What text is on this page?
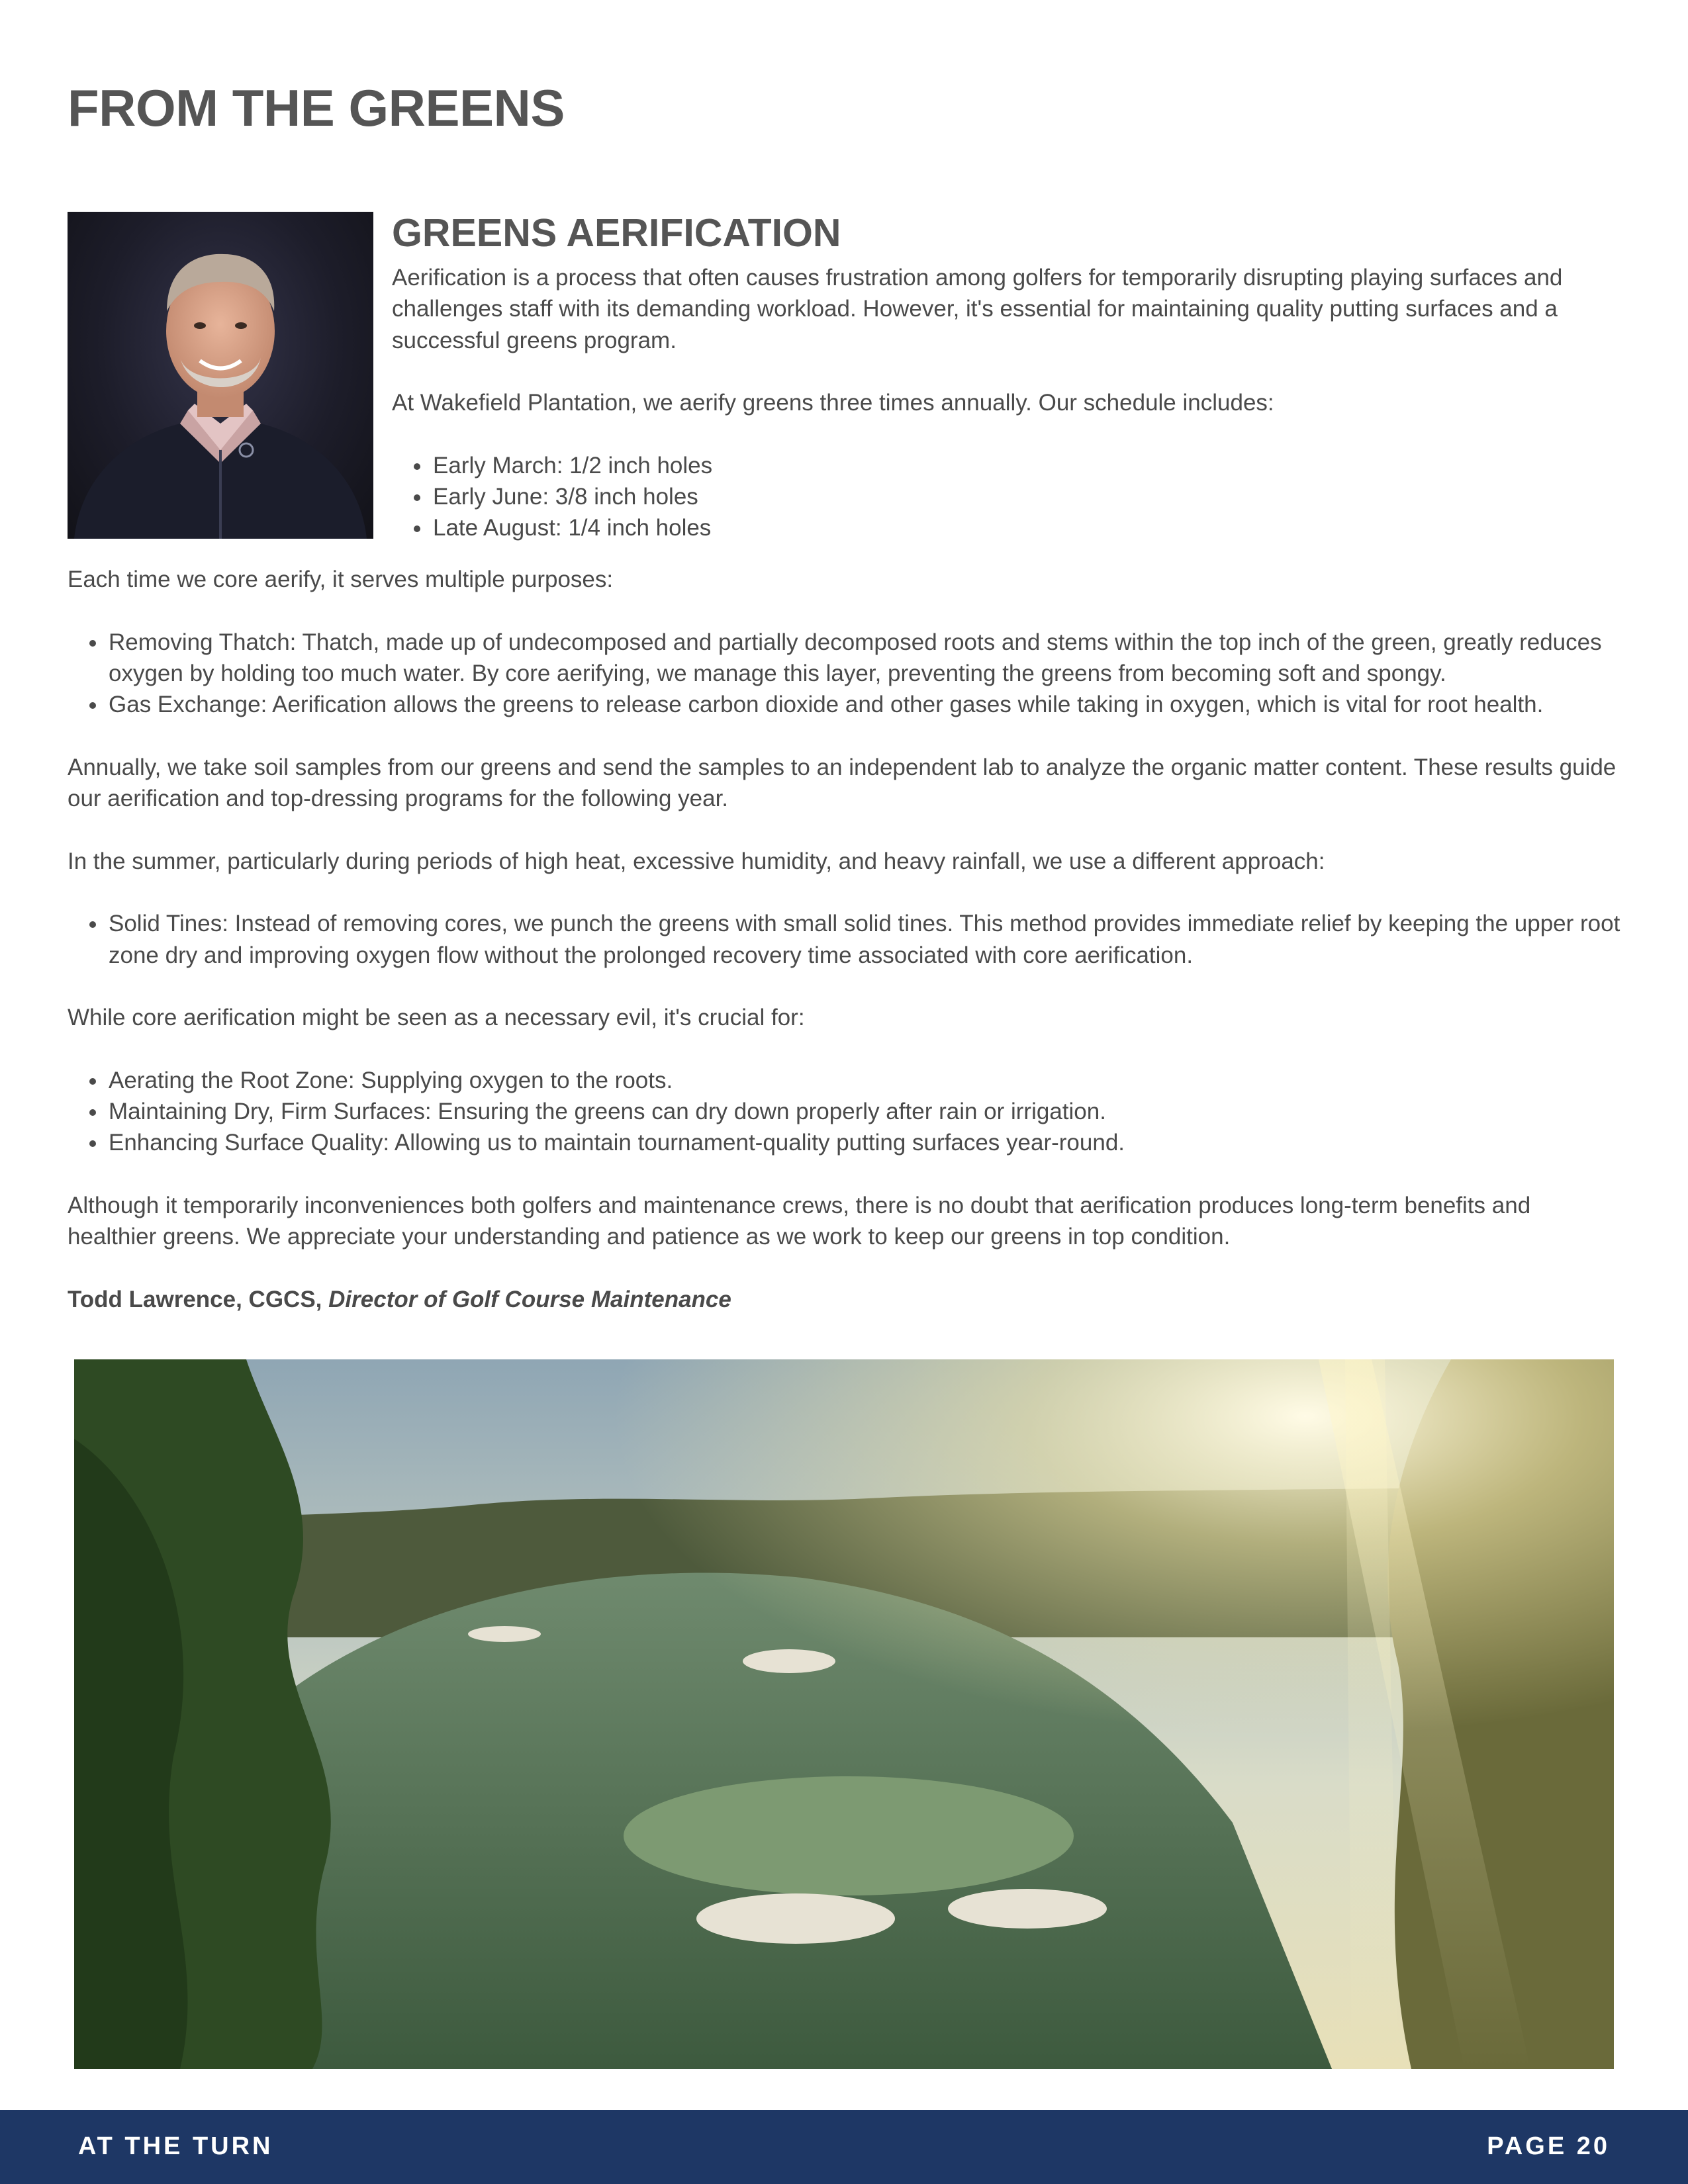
FROM THE GREENS
GREENS AERIFICATION

Aerification is a process that often causes frustration among golfers for temporarily disrupting playing surfaces and challenges staff with its demanding workload. However, it's essential for maintaining quality putting surfaces and a successful greens program.

At Wakefield Plantation, we aerify greens three times annually. Our schedule includes:

• Early March: 1/2 inch holes
• Early June: 3/8 inch holes
• Late August: 1/4 inch holes

Each time we core aerify, it serves multiple purposes:

• Removing Thatch: Thatch, made up of undecomposed and partially decomposed roots and stems within the top inch of the green, greatly reduces oxygen by holding too much water. By core aerifying, we manage this layer, preventing the greens from becoming soft and spongy.
• Gas Exchange: Aerification allows the greens to release carbon dioxide and other gases while taking in oxygen, which is vital for root health.

Annually, we take soil samples from our greens and send the samples to an independent lab to analyze the organic matter content. These results guide our aerification and top-dressing programs for the following year.

In the summer, particularly during periods of high heat, excessive humidity, and heavy rainfall, we use a different approach:

• Solid Tines: Instead of removing cores, we punch the greens with small solid tines. This method provides immediate relief by keeping the upper root zone dry and improving oxygen flow without the prolonged recovery time associated with core aerification.

While core aerification might be seen as a necessary evil, it's crucial for:

• Aerating the Root Zone: Supplying oxygen to the roots.
• Maintaining Dry, Firm Surfaces: Ensuring the greens can dry down properly after rain or irrigation.
• Enhancing Surface Quality: Allowing us to maintain tournament-quality putting surfaces year-round.

Although it temporarily inconveniences both golfers and maintenance crews, there is no doubt that aerification produces long-term benefits and healthier greens. We appreciate your understanding and patience as we work to keep our greens in top condition.

Todd Lawrence, CGCS, Director of Golf Course Maintenance

AT THE TURN	PAGE 20
